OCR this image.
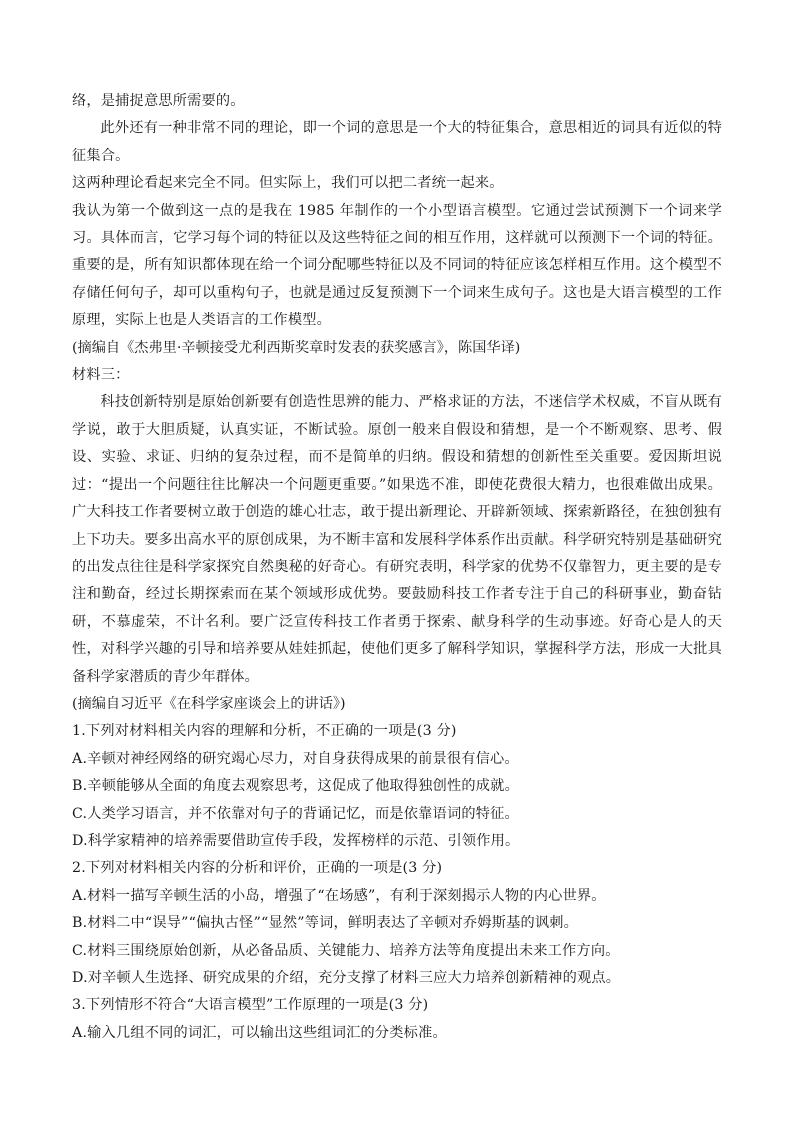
络，是捕捉意思所需要的。

此外还有一种非常不同的理论，即一个词的意思是一个大的特征集合，意思相近的词具有近似的特征集合。

这两种理论看起来完全不同。但实际上，我们可以把二者统一起来。

我认为第一个做到这一点的是我在 1985 年制作的一个小型语言模型。它通过尝试预测下一个词来学习。具体而言，它学习每个词的特征以及这些特征之间的相互作用，这样就可以预测下一个词的特征。重要的是，所有知识都体现在给一个词分配哪些特征以及不同词的特征应该怎样相互作用。这个模型不存储任何句子，却可以重构句子，也就是通过反复预测下一个词来生成句子。这也是大语言模型的工作原理，实际上也是人类语言的工作模型。

(摘编自《杰弗里·辛顿接受尤利西斯奖章时发表的获奖感言》，陈国华译)

材料三：

科技创新特别是原始创新要有创造性思辨的能力、严格求证的方法，不迷信学术权威，不盲从既有学说，敢于大胆质疑，认真实证，不断试验。原创一般来自假设和猜想，是一个不断观察、思考、假设、实验、求证、归纳的复杂过程，而不是简单的归纳。假设和猜想的创新性至关重要。爱因斯坦说过：“提出一个问题往往比解决一个问题更重要。”如果选不准，即使花费很大精力，也很难做出成果。广大科技工作者要树立敢于创造的雄心壮志，敢于提出新理论、开辟新领域、探索新路径，在独创独有上下功夫。要多出高水平的原创成果，为不断丰富和发展科学体系作出贡献。科学研究特别是基础研究的出发点往往是科学家探究自然奥秘的好奇心。有研究表明，科学家的优势不仅靠智力，更主要的是专注和勤奋，经过长期探索而在某个领域形成优势。要鼓励科技工作者专注于自己的科研事业，勤奋钻研，不慕虚荣，不计名利。要广泛宣传科技工作者勇于探索、献身科学的生动事迹。好奇心是人的天性，对科学兴趣的引导和培养要从娃娃抓起，使他们更多了解科学知识，掌握科学方法，形成一大批具备科学家潜质的青少年群体。

(摘编自习近平《在科学家座谈会上的讲话》)

1.下列对材料相关内容的理解和分析，不正确的一项是(3 分)

A.辛顿对神经网络的研究竭心尽力，对自身获得成果的前景很有信心。

B.辛顿能够从全面的角度去观察思考，这促成了他取得独创性的成就。

C.人类学习语言，并不依靠对句子的背诵记忆，而是依靠语词的特征。

D.科学家精神的培养需要借助宣传手段，发挥榜样的示范、引领作用。

2.下列对材料相关内容的分析和评价，正确的一项是(3 分)

A.材料一描写辛顿生活的小岛，增强了“在场感”，有利于深刻揭示人物的内心世界。

B.材料二中“误导”“偏执古怪”“显然”等词，鲜明表达了辛顿对乔姆斯基的讽刺。

C.材料三围绕原始创新，从必备品质、关键能力、培养方法等角度提出未来工作方向。

D.对辛顿人生选择、研究成果的介绍，充分支撑了材料三应大力培养创新精神的观点。

3.下列情形不符合“大语言模型”工作原理的一项是(3 分)

A.输入几组不同的词汇，可以输出这些组词汇的分类标准。
